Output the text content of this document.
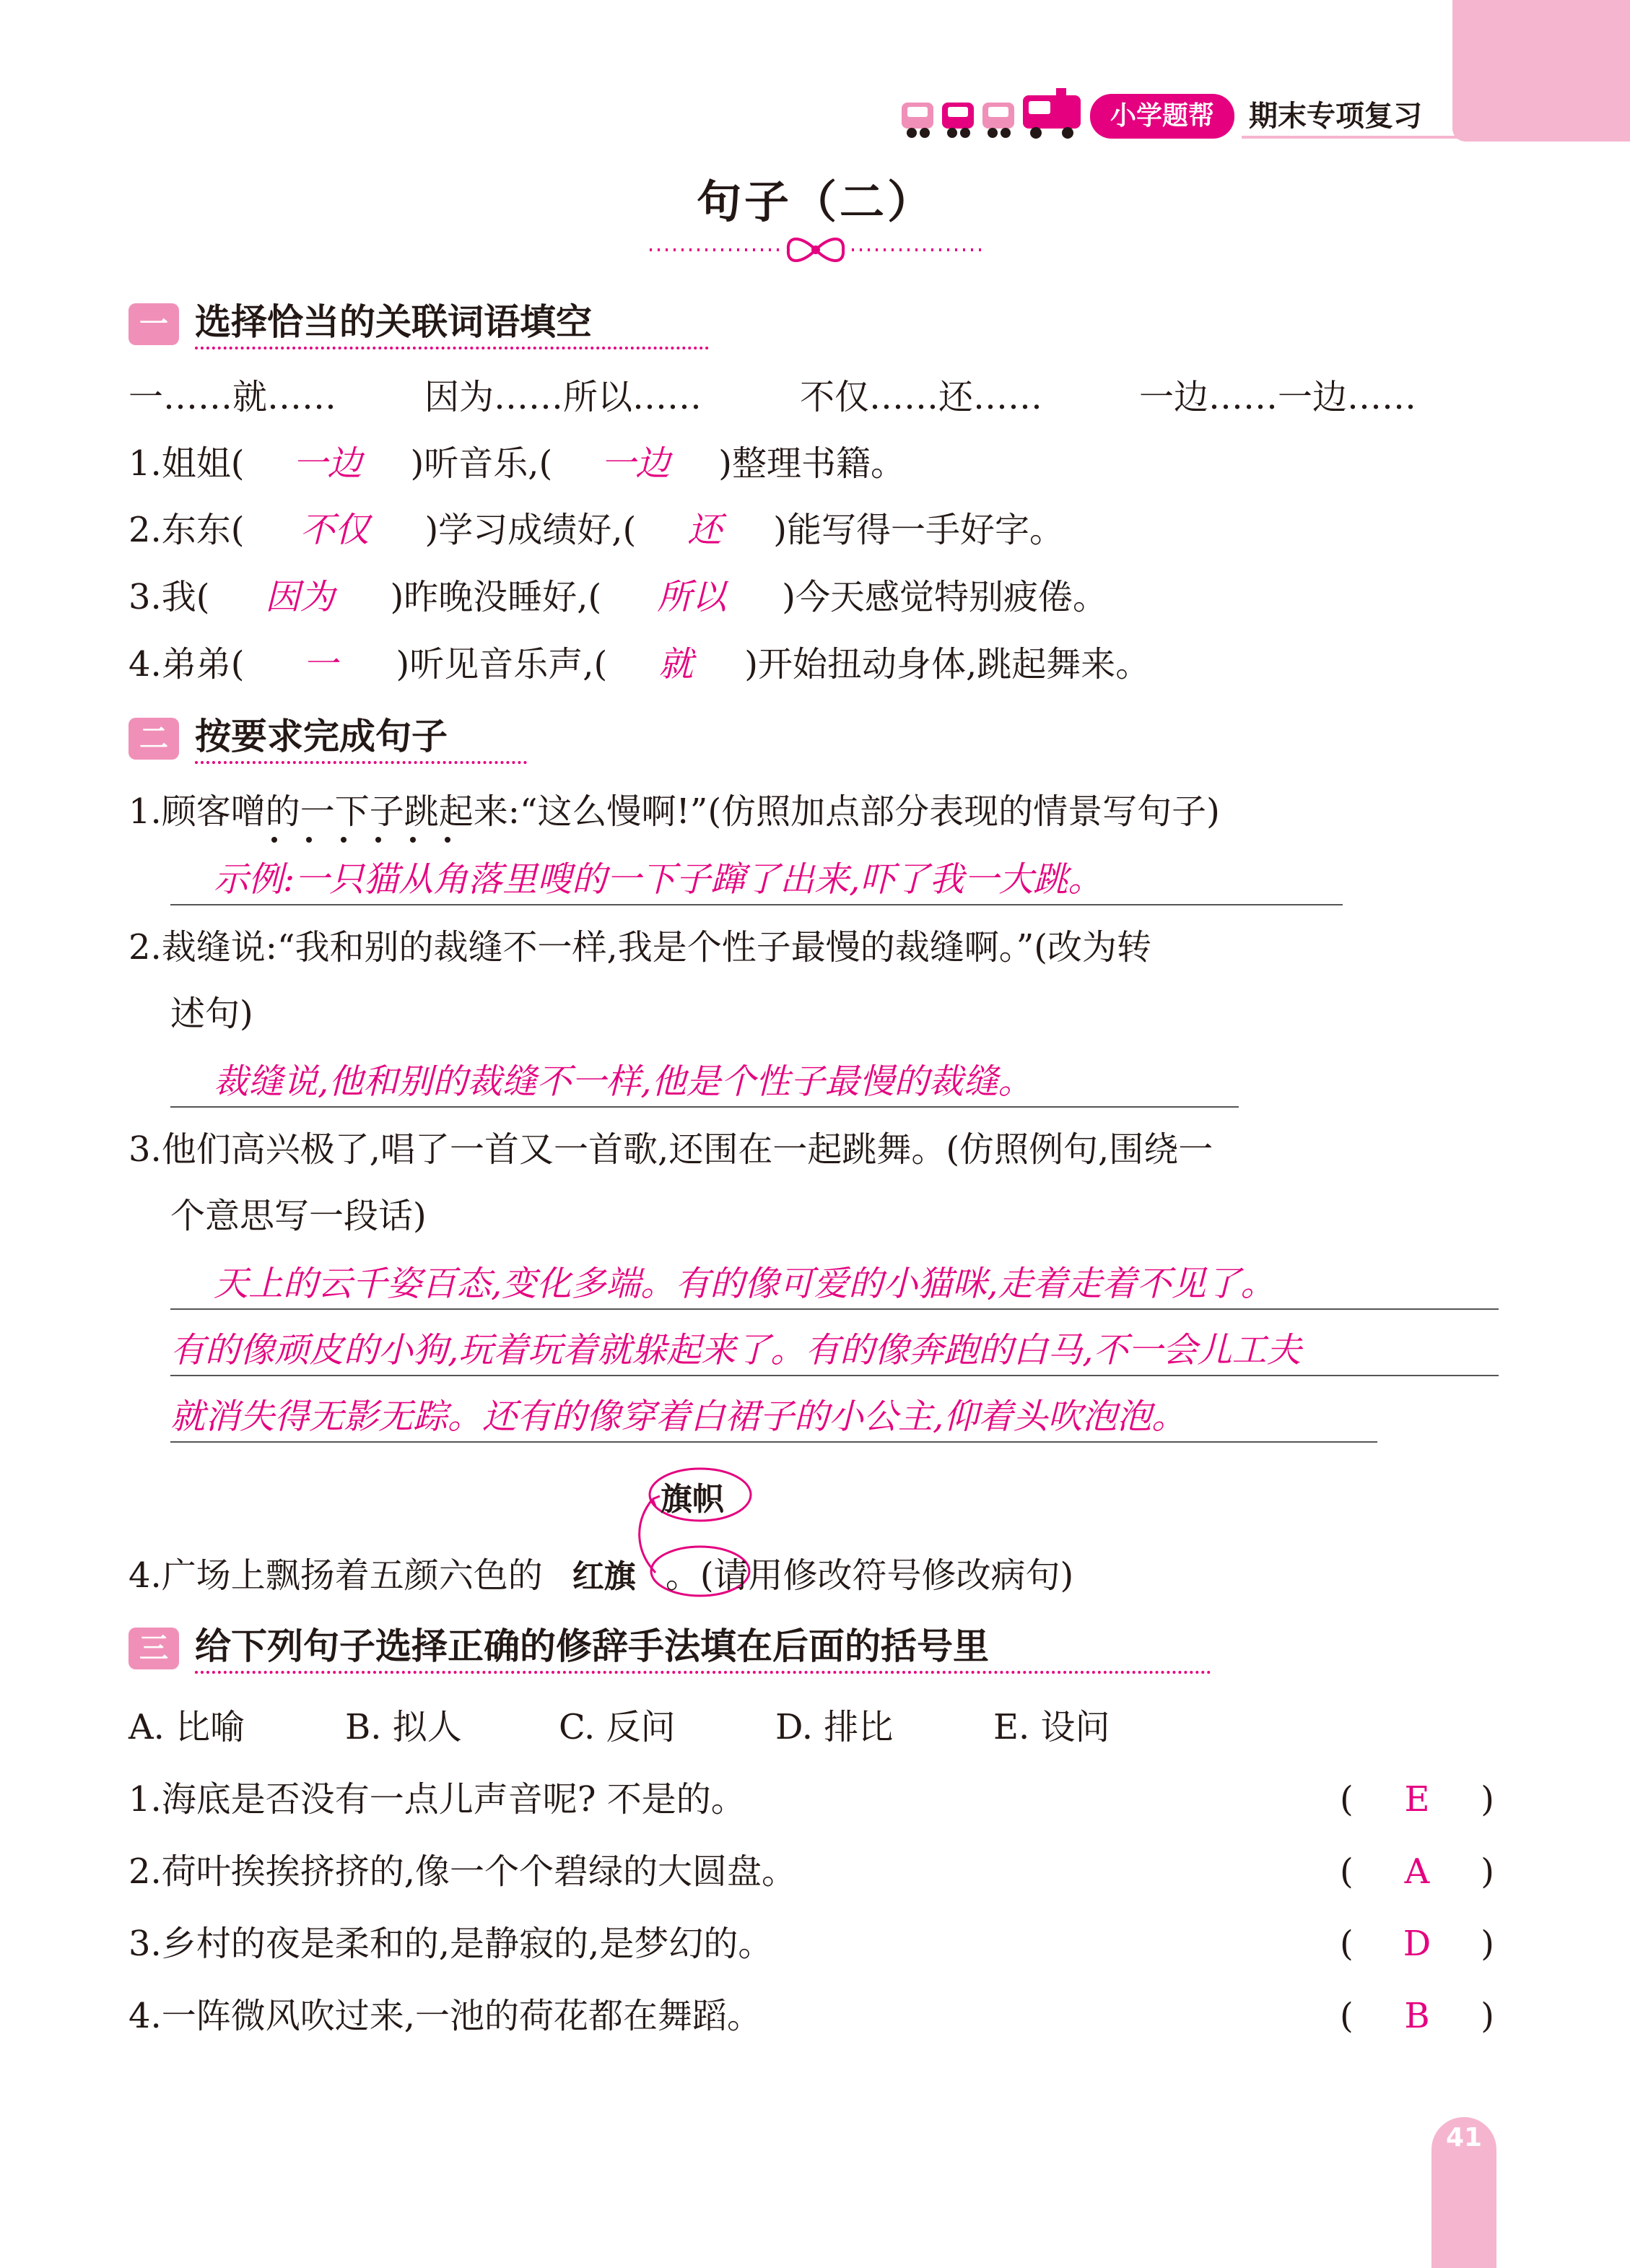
小学题帮	期末专项复习
句子（二）
一 选择恰当的关联词语填空
一……就……	因为……所以……	不仅……还……	一边……一边……
1.姐姐( 一边 )听音乐,( 一边 )整理书籍。
2.东东( 不仅 )学习成绩好,( 还 )能写得一手好字。
3.我( 因为 )昨晚没睡好,( 所以 )今天感觉特别疲倦。
4.弟弟( 一 )听见音乐声,( 就 )开始扭动身体,跳起舞来。
二 按要求完成句子
1.顾客噌的一下子跳起来:“这么慢啊!”(仿照加点部分表现的情景写句子)
示例:一只猫从角落里嗖的一下子蹿了出来,吓了我一大跳。
2.裁缝说:“我和别的裁缝不一样,我是个性子最慢的裁缝啊。”(改为转
述句)
裁缝说,他和别的裁缝不一样,他是个性子最慢的裁缝。
3.他们高兴极了,唱了一首又一首歌,还围在一起跳舞。(仿照例句,围绕一
个意思写一段话)
天上的云千姿百态,变化多端。有的像可爱的小猫咪,走着走着不见了。
有的像顽皮的小狗,玩着玩着就躲起来了。有的像奔跑的白马,不一会儿工夫
就消失得无影无踪。还有的像穿着白裙子的小公主,仰着头吹泡泡。
旗帜
4.广场上飘扬着五颜六色的 红旗 。(请用修改符号修改病句)
三 给下列句子选择正确的修辞手法填在后面的括号里
A. 比喻	B. 拟人	C. 反问	D. 排比	E. 设问
1.海底是否没有一点儿声音呢? 不是的。	(	E	)
2.荷叶挨挨挤挤的,像一个个碧绿的大圆盘。	(	A	)
3.乡村的夜是柔和的,是静寂的,是梦幻的。	(	D	)
4.一阵微风吹过来,一池的荷花都在舞蹈。	(	B	)
41
